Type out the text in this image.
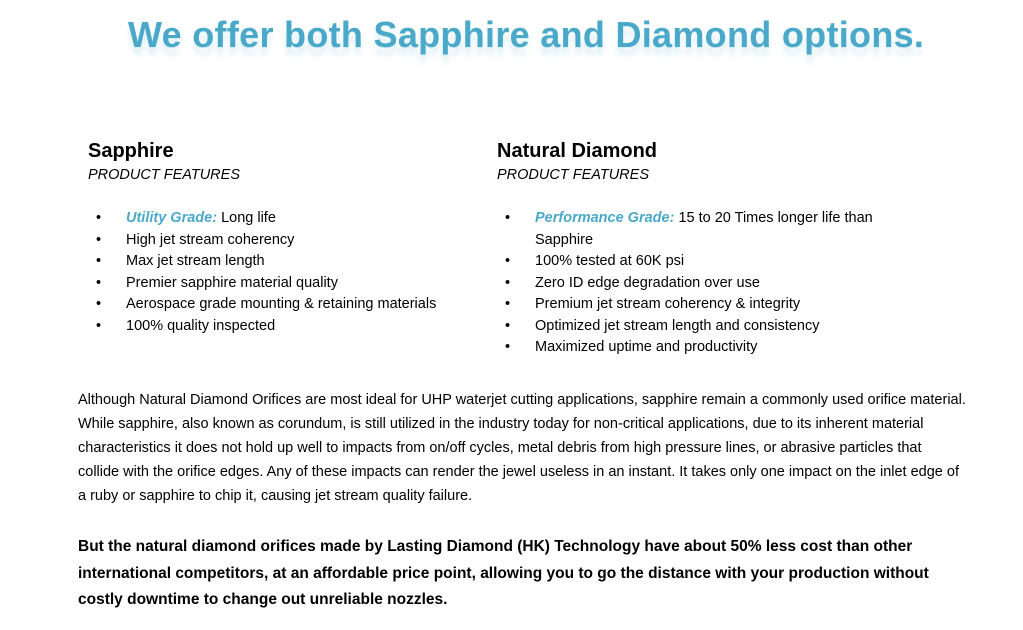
We offer both Sapphire and Diamond options.
Sapphire
PRODUCT FEATURES
• Utility Grade: Long life
• High jet stream coherency
• Max jet stream length
• Premier sapphire material quality
• Aerospace grade mounting & retaining materials
• 100% quality inspected
Natural Diamond
PRODUCT FEATURES
• Performance Grade: 15 to 20 Times longer life than Sapphire
• 100% tested at 60K psi
• Zero ID edge degradation over use
• Premium jet stream coherency & integrity
• Optimized jet stream length and consistency
• Maximized uptime and productivity
Although Natural Diamond Orifices are most ideal for UHP waterjet cutting applications, sapphire remain a commonly used orifice material. While sapphire, also known as corundum, is still utilized in the industry today for non-critical applications, due to its inherent material characteristics it does not hold up well to impacts from on/off cycles, metal debris from high pressure lines, or abrasive particles that collide with the orifice edges. Any of these impacts can render the jewel useless in an instant. It takes only one impact on the inlet edge of a ruby or sapphire to chip it, causing jet stream quality failure.
But the natural diamond orifices made by Lasting Diamond (HK) Technology have about 50% less cost than other international competitors, at an affordable price point, allowing you to go the distance with your production without costly downtime to change out unreliable nozzles.
